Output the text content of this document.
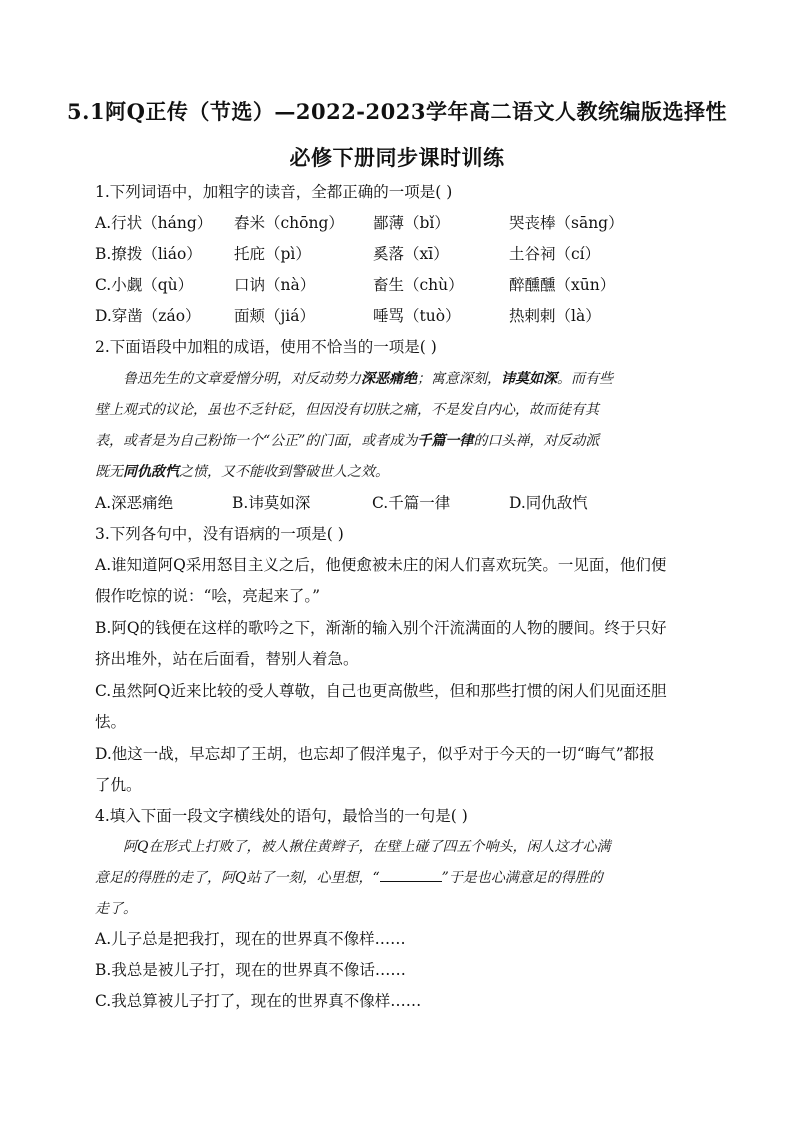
5.1阿Q正传（节选）—2022-2023学年高二语文人教统编版选择性
必修下册同步课时训练
1.下列词语中，加粗字的读音，全都正确的一项是( )
A.行状（háng） 舂米（chōng） 鄙薄（bǐ）	哭丧棒（sāng）
B.撩拨（liáo） 托庇（pì）	奚落（xī）	土谷祠（cí）
C.小觑（qù）	口讷（nà）	畜生（chù）	醉醺醺（xūn）
D.穿凿（záo） 面颊（jiá）	唾骂（tuò）	热剌剌（là）
2.下面语段中加粗的成语，使用不恰当的一项是( )

鲁迅先生的文章爱憎分明，对反动势力深恶痛绝；寓意深刻，讳莫如深。而有些

壁上观式的议论，虽也不乏针砭，但因没有切肤之痛，不是发自内心，故而徒有其

表，或者是为自己粉饰一个“公正”的门面，或者成为千篇一律的口头禅，对反动派

既无同仇敌忾之愤，又不能收到警破世人之效。

A.深恶痛绝	B.讳莫如深	C.千篇一律	D.同仇敌忾
3.下列各句中，没有语病的一项是( )
A.谁知道阿Q采用怒目主义之后，他便愈被未庄的闲人们喜欢玩笑。一见面，他们便
假作吃惊的说：“哙，亮起来了。”
B.阿Q的钱便在这样的歌吟之下，渐渐的输入别个汗流满面的人物的腰间。终于只好
挤出堆外，站在后面看，替别人着急。
C.虽然阿Q近来比较的受人尊敬，自己也更高傲些，但和那些打惯的闲人们见面还胆
怯。
D.他这一战，早忘却了王胡，也忘却了假洋鬼子，似乎对于今天的一切“晦气”都报
了仇。
4.填入下面一段文字横线处的语句，最恰当的一句是( )

阿Q在形式上打败了，被人揪住黄辫子，在壁上碰了四五个响头，闲人这才心满

意足的得胜的走了，阿Q站了一刻，心里想，“	”于是也心满意足的得胜的

走了。

A.儿子总是把我打，现在的世界真不像样……
B.我总是被儿子打，现在的世界真不像话……
C.我总算被儿子打了，现在的世界真不像样……
